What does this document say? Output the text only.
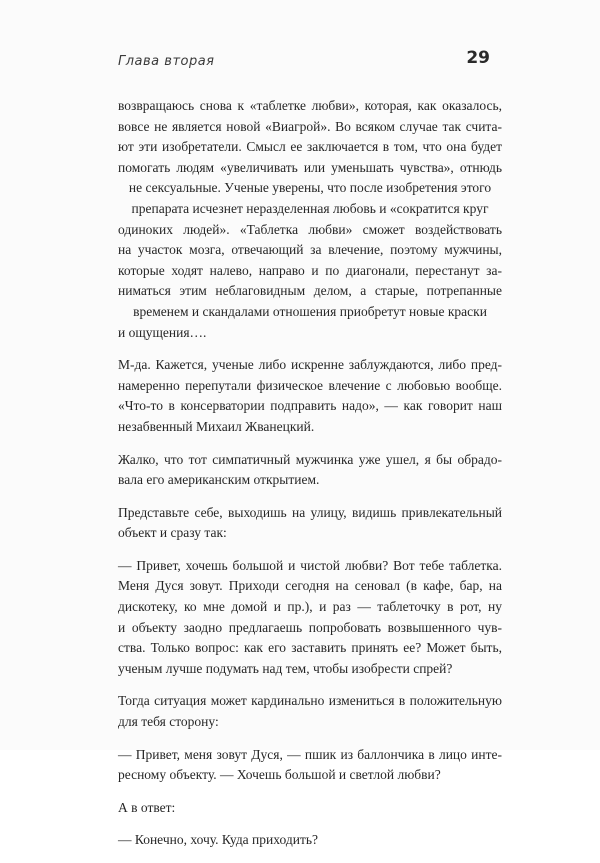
Глава вторая	29

возвращаюсь снова к «таблетке любви», которая, как оказалось,
вовсе не является новой «Виагрой». Во всяком случае так счита-
ют эти изобретатели. Смысл ее заключается в том, что она будет
помогать людям «увеличивать или уменьшать чувства», отнюдь
не сексуальные. Ученые уверены, что после изобретения этого
препарата исчезнет неразделенная любовь и «сократится круг
одиноких людей». «Таблетка любви» сможет воздействовать
на участок мозга, отвечающий за влечение, поэтому мужчины,
которые ходят налево, направо и по диагонали, перестанут за-
ниматься этим неблаговидным делом, а старые, потрепанные
временем и скандалами отношения приобретут новые краски
и ощущения….

М-да. Кажется, ученые либо искренне заблуждаются, либо пред-
намеренно перепутали физическое влечение с любовью вообще.
«Что-то в консерватории подправить надо», — как говорит наш
незабвенный Михаил Жванецкий.

Жалко, что тот симпатичный мужчинка уже ушел, я бы обрадо-
вала его американским открытием.

Представьте себе, выходишь на улицу, видишь привлекательный
объект и сразу так:

— Привет, хочешь большой и чистой любви? Вот тебе таблетка.
Меня Дуся зовут. Приходи сегодня на сеновал (в кафе, бар, на
дискотеку, ко мне домой и пр.), и раз — таблеточку в рот, ну
и объекту заодно предлагаешь попробовать возвышенного чув-
ства. Только вопрос: как его заставить принять ее? Может быть,
ученым лучше подумать над тем, чтобы изобрести спрей?

Тогда ситуация может кардинально измениться в положительную
для тебя сторону:

— Привет, меня зовут Дуся, — пшик из баллончика в лицо инте-
ресному объекту. — Хочешь большой и светлой любви?

А в ответ:

— Конечно, хочу. Куда приходить?
